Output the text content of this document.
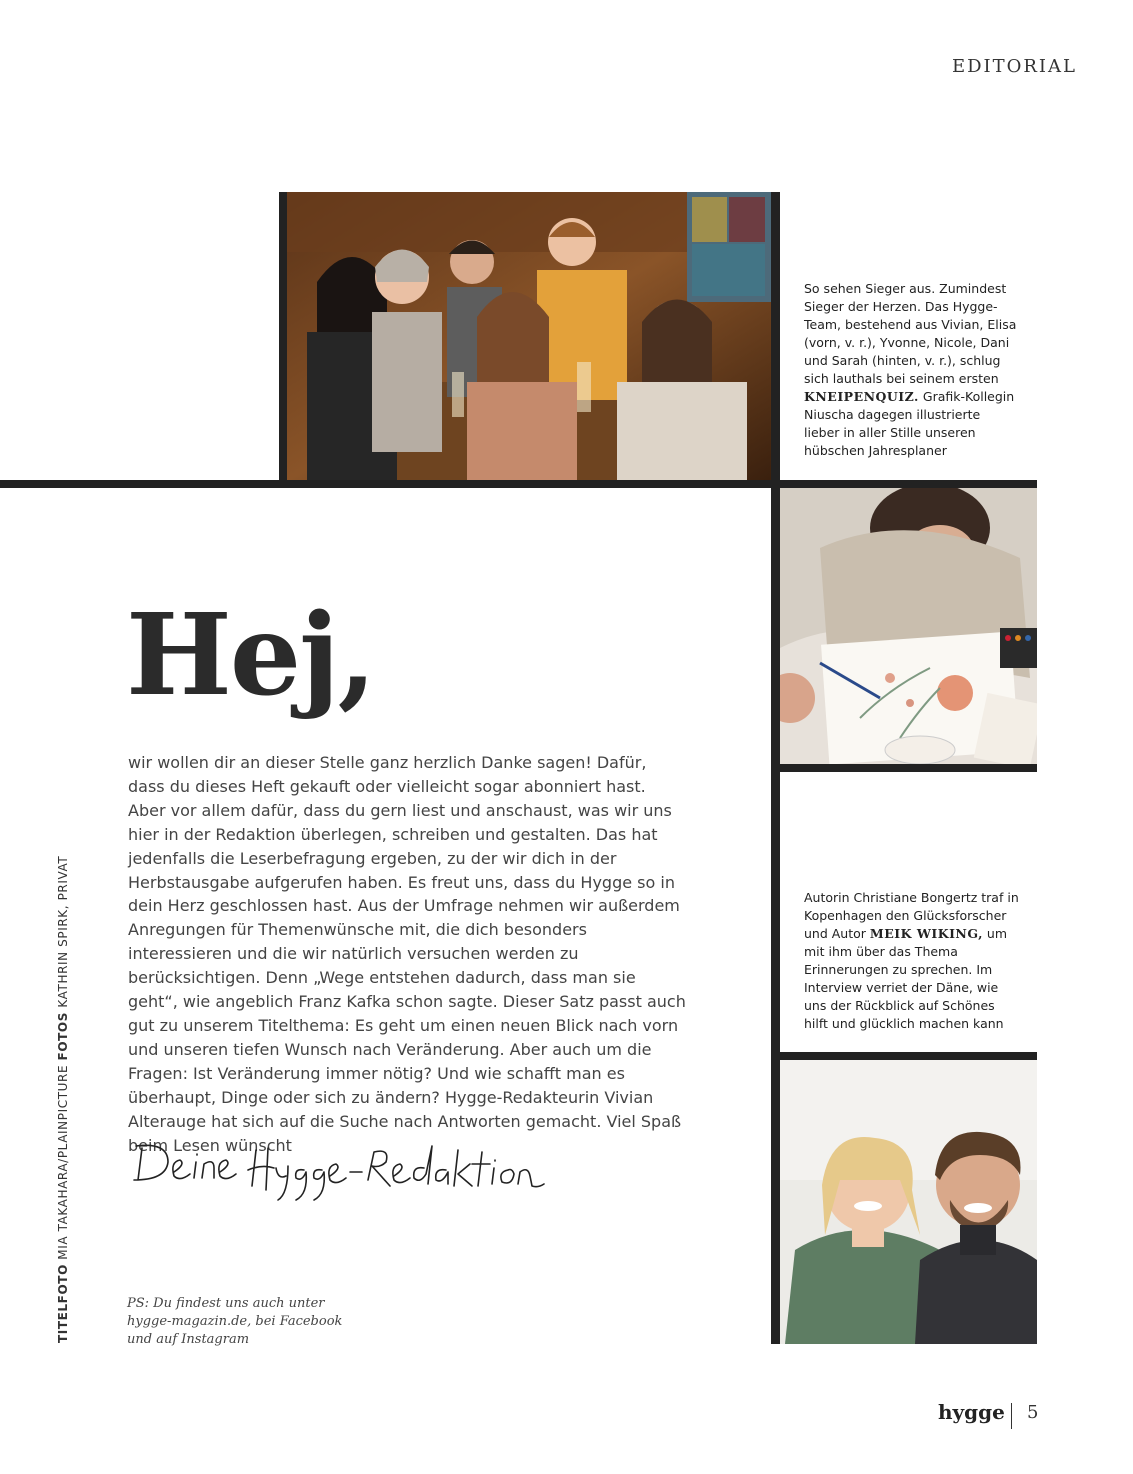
EDITORIAL
So sehen Sieger aus. Zumindest Sieger der Herzen. Das Hygge-Team, bestehend aus Vivian, Elisa (vorn, v. r.), Yvonne, Nicole, Dani und Sarah (hinten, v. r.), schlug sich lauthals bei seinem ersten KNEIPENQUIZ. Grafik-Kollegin Niuscha dagegen illustrierte lieber in aller Stille unseren hübschen Jahresplaner
Autorin Christiane Bongertz traf in Kopenhagen den Glücksforscher und Autor MEIK WIKING, um mit ihm über das Thema Erinnerungen zu sprechen. Im Interview verriet der Däne, wie uns der Rückblick auf Schönes hilft und glücklich machen kann
Hej,
wir wollen dir an dieser Stelle ganz herzlich Danke sagen! Dafür, dass du dieses Heft gekauft oder vielleicht sogar abonniert hast. Aber vor allem dafür, dass du gern liest und anschaust, was wir uns hier in der Redaktion überlegen, schreiben und gestalten. Das hat jedenfalls die Leserbefragung ergeben, zu der wir dich in der Herbstausgabe aufgerufen haben. Es freut uns, dass du Hygge so in dein Herz geschlossen hast. Aus der Umfrage nehmen wir außerdem Anregungen für Themenwünsche mit, die dich besonders interessieren und die wir natürlich versuchen werden zu berücksichtigen. Denn „Wege entstehen dadurch, dass man sie geht“, wie angeblich Franz Kafka schon sagte. Dieser Satz passt auch gut zu unserem Titelthema: Es geht um einen neuen Blick nach vorn und unseren tiefen Wunsch nach Veränderung. Aber auch um die Fragen: Ist Veränderung immer nötig? Und wie schafft man es überhaupt, Dinge oder sich zu ändern? Hygge-Redakteurin Vivian Alterauge hat sich auf die Suche nach Antworten gemacht. Viel Spaß beim Lesen wünscht
PS: Du findest uns auch unter hygge-magazin.de, bei Facebook und auf Instagram
TITELFOTO MIA TAKAHARA/PLAINPICTURE FOTOS KATHRIN SPIRK, PRIVAT
hygge 5
